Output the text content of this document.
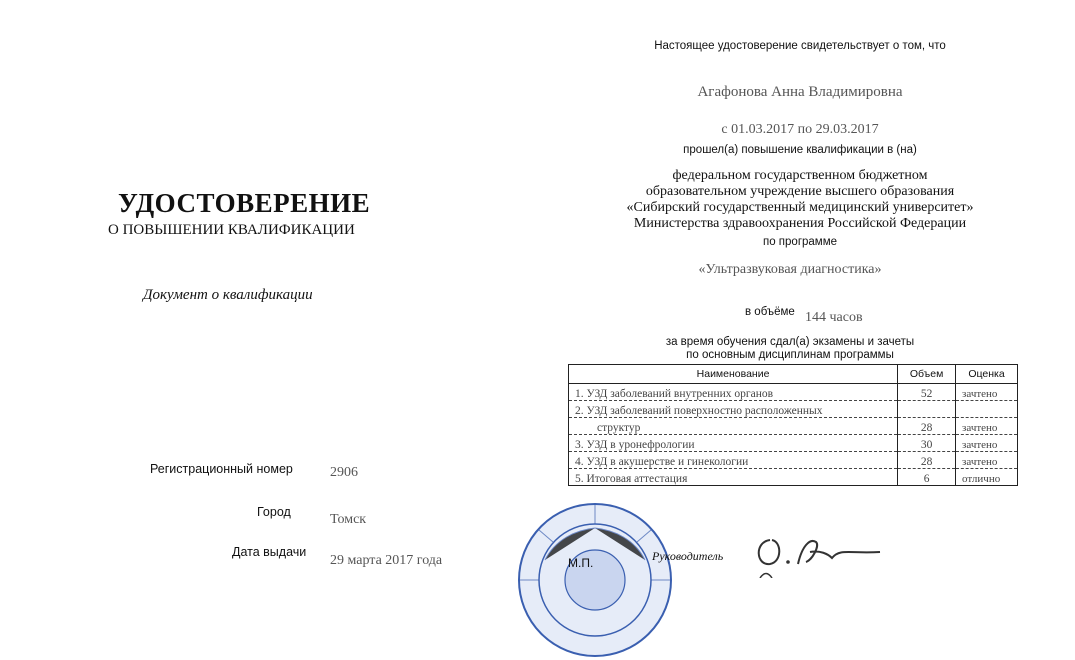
УДОСТОВЕРЕНИЕ
О ПОВЫШЕНИИ КВАЛИФИКАЦИИ
Документ о квалификации
Регистрационный номер	2906
Город	Томск
Дата выдачи
29 марта 2017 года
Настоящее удостоверение свидетельствует о том, что
Агафонова Анна Владимировна
с 01.03.2017 по 29.03.2017
прошел(а) повышение квалификации в (на)
федеральном государственном бюджетном
образовательном учреждение высшего образования
«Сибирский государственный медицинский университет»
Министерства здравоохранения Российской Федерации
по программе
«Ультразвуковая диагностика»
в объёме 144 часов
за время обучения сдал(а) экзамены и зачеты
по основным дисциплинам программы
Наименование	Объем	Оценка
1. УЗД заболеваний внутренних органов	52	зачтено
2. УЗД заболеваний поверхностно расположенных		
структур	28	зачтено
3. УЗД в уронефрологии	30	зачтено
4. УЗД в акушерстве и гинекологии	28	зачтено
5. Итоговая аттестация	6	отлично
М.П.	Руководитель
